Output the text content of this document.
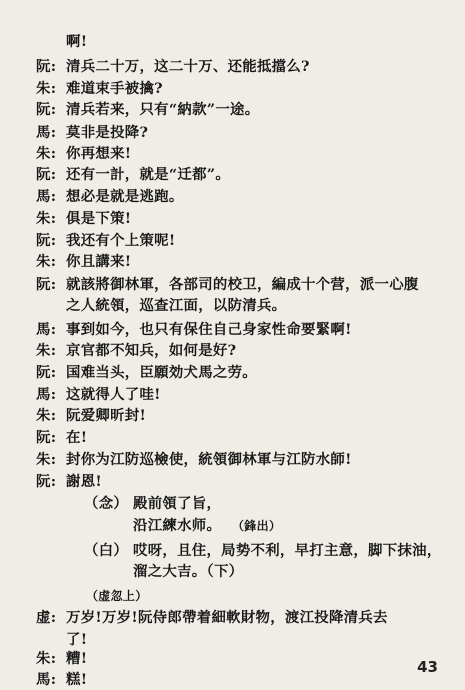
啊!
阮: 清兵二十万，这二十万、还能抵擋么?
朱: 难道束手被擒?
阮: 清兵若来，只有“納款”一途。
馬: 莫非是投降?
朱: 你再想来!
阮: 还有一計，就是“迁都”。
馬: 想必是就是逃跑。
朱: 俱是下策!
阮: 我还有个上策呢!
朱: 你且講来!
阮: 就該將御林軍，各部司的校卫，編成十个营，派一心腹
之人統領，巡查江面，以防清兵。
馬: 事到如今，也只有保住自己身家性命要緊啊!
朱: 京官都不知兵，如何是好?
阮: 国难当头，臣願効犬馬之劳。
馬: 这就得人了哇!
朱: 阮爱卿昕封!
阮: 在!
朱: 封你为江防巡檢使，統領御林軍与江防水師!
阮: 謝恩!
（念） 殿前領了旨，
沿江練水师。 （鋒出）
（白） 哎呀，且住，局势不利，早打主意，脚下抹油，
溜之大吉。（下）
（虚忽上）
虚: 万岁!万岁!阮侍郎帶着細軟財物，渡江投降清兵去
了!
朱: 糟!
馬: 糕!
43
